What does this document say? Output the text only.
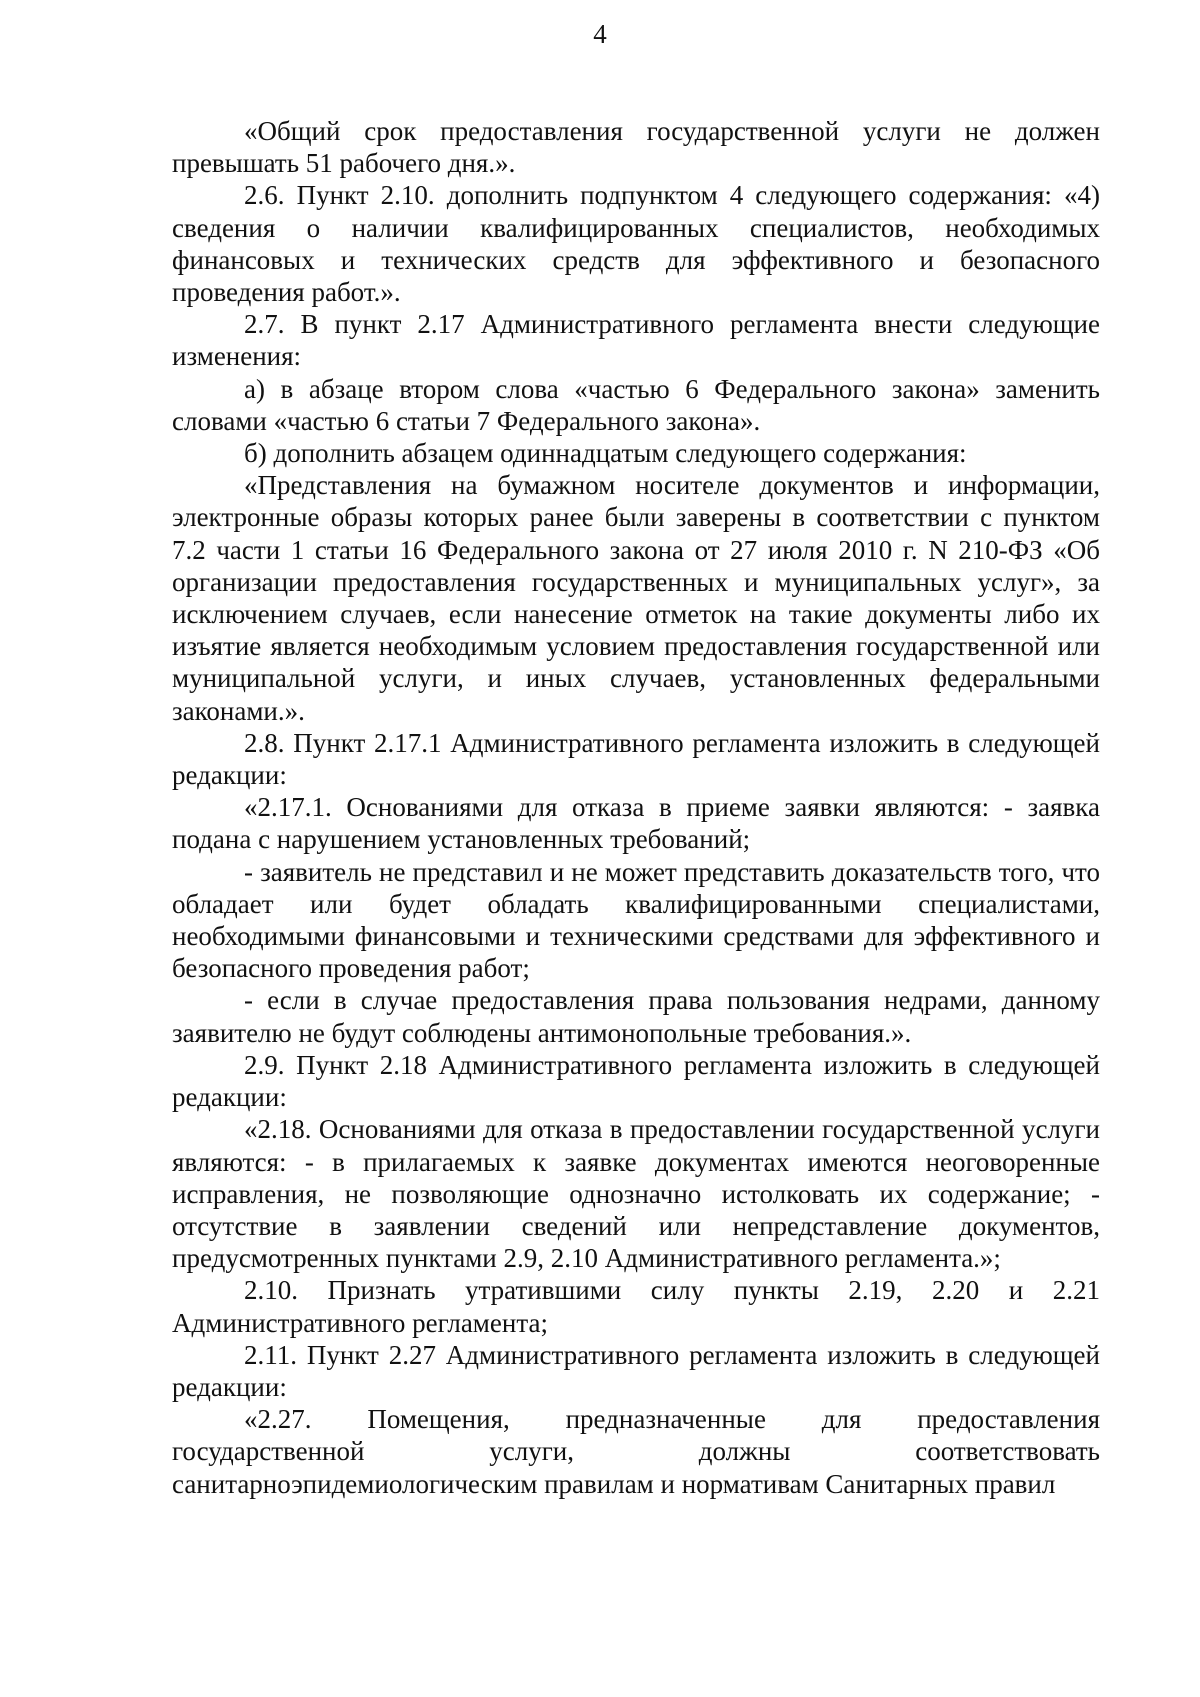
4

«Общий срок предоставления государственной услуги не должен превышать 51 рабочего дня.».

2.6. Пункт 2.10. дополнить подпунктом 4 следующего содержания: «4) сведения о наличии квалифицированных специалистов, необходимых финансовых и технических средств для эффективного и безопасного проведения работ.».

2.7. В пункт 2.17 Административного регламента внести следующие изменения:

а) в абзаце втором слова «частью 6 Федерального закона» заменить словами «частью 6 статьи 7 Федерального закона».

б) дополнить абзацем одиннадцатым следующего содержания:

«Представления на бумажном носителе документов и информации, электронные образы которых ранее были заверены в соответствии с пунктом 7.2 части 1 статьи 16 Федерального закона от 27 июля 2010 г. N 210-ФЗ «Об организации предоставления государственных и муниципальных услуг», за исключением случаев, если нанесение отметок на такие документы либо их изъятие является необходимым условием предоставления государственной или муниципальной услуги, и иных случаев, установленных федеральными законами.».

2.8. Пункт 2.17.1 Административного регламента изложить в следующей редакции:

«2.17.1. Основаниями для отказа в приеме заявки являются: - заявка подана с нарушением установленных требований;

- заявитель не представил и не может представить доказательств того, что обладает или будет обладать квалифицированными специалистами, необходимыми финансовыми и техническими средствами для эффективного и безопасного проведения работ;

- если в случае предоставления права пользования недрами, данному заявителю не будут соблюдены антимонопольные требования.».

2.9. Пункт 2.18 Административного регламента изложить в следующей редакции:

«2.18. Основаниями для отказа в предоставлении государственной услуги являются: - в прилагаемых к заявке документах имеются неоговоренные исправления, не позволяющие однозначно истолковать их содержание; - отсутствие в заявлении сведений или непредставление документов, предусмотренных пунктами 2.9, 2.10 Административного регламента.»;

2.10. Признать утратившими силу пункты 2.19, 2.20 и 2.21 Административного регламента;

2.11. Пункт 2.27 Административного регламента изложить в следующей редакции:

«2.27. Помещения, предназначенные для предоставления государственной услуги, должны соответствовать санитарноэпидемиологическим правилам и нормативам Санитарных правил
